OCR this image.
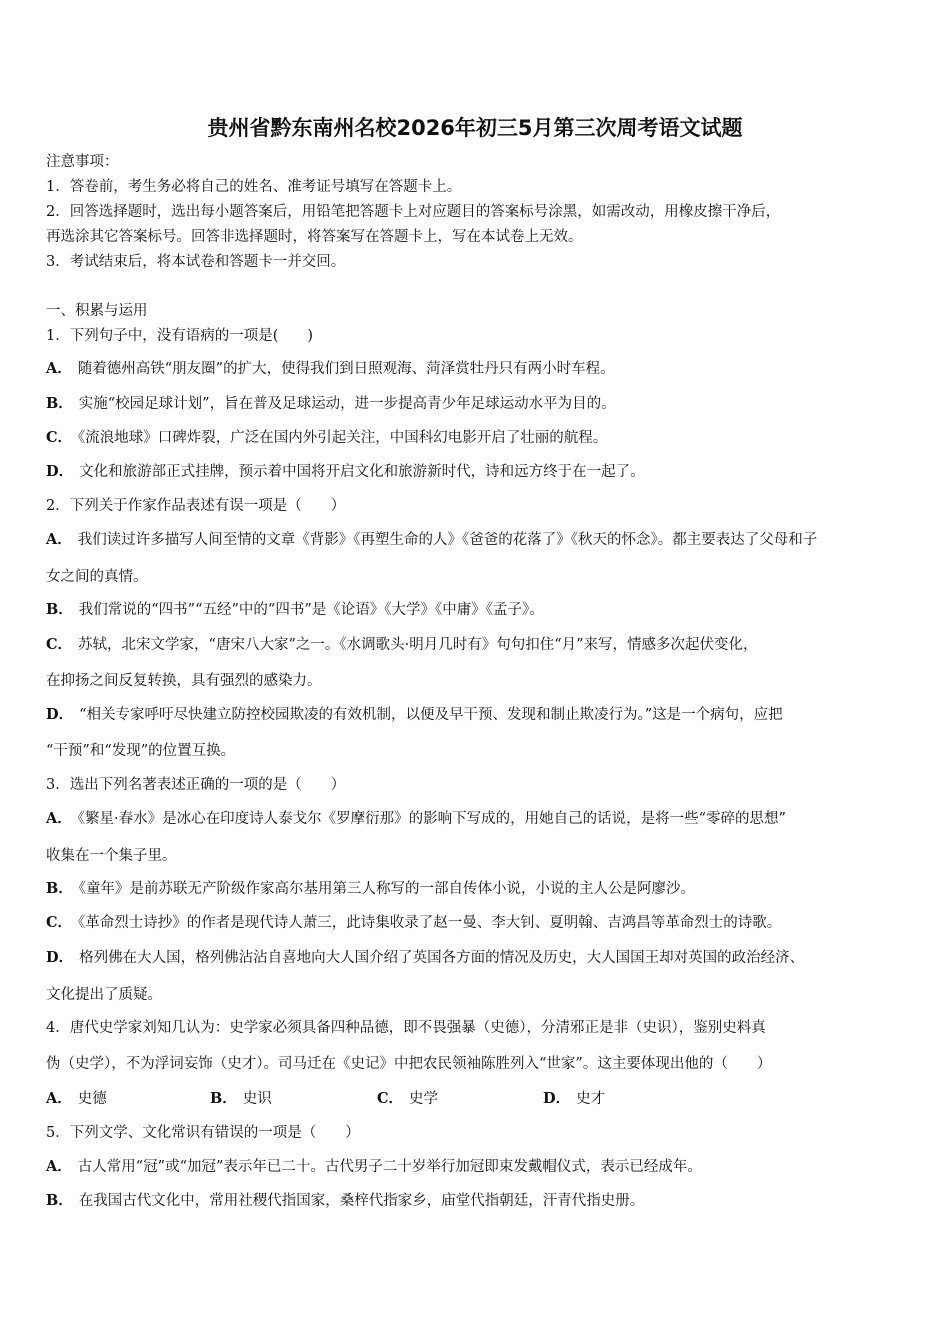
贵州省黔东南州名校2026年初三5月第三次周考语文试题
注意事项：
1．答卷前，考生务必将自己的姓名、准考证号填写在答题卡上。
2．回答选择题时，选出每小题答案后，用铅笔把答题卡上对应题目的答案标号涂黑，如需改动，用橡皮擦干净后，
再选涂其它答案标号。回答非选择题时，将答案写在答题卡上，写在本试卷上无效。
3．考试结束后，将本试卷和答题卡一并交回。
一、积累与运用
1．下列句子中，没有语病的一项是(　　)
A． 随着德州高铁“朋友圈”的扩大，使得我们到日照观海、菏泽赏牡丹只有两小时车程。
B． 实施“校园足球计划”，旨在普及足球运动，进一步提高青少年足球运动水平为目的。
C． 《流浪地球》口碑炸裂，广泛在国内外引起关注，中国科幻电影开启了壮丽的航程。
D． 文化和旅游部正式挂牌，预示着中国将开启文化和旅游新时代，诗和远方终于在一起了。
2．下列关于作家作品表述有误一项是（　　）
A． 我们读过许多描写人间至情的文章《背影》《再塑生命的人》《爸爸的花落了》《秋天的怀念》。都主要表达了父母和子
女之间的真情。
B． 我们常说的“四书”“五经”中的“四书”是《论语》《大学》《中庸》《孟子》。
C． 苏轼，北宋文学家，“唐宋八大家”之一。《水调歌头·明月几时有》句句扣住“月”来写，情感多次起伏变化，
在抑扬之间反复转换，具有强烈的感染力。
D． “相关专家呼吁尽快建立防控校园欺凌的有效机制，以便及早干预、发现和制止欺凌行为。”这是一个病句，应把
“干预”和“发现”的位置互换。
3．选出下列名著表述正确的一项的是（　　）
A． 《繁星·春水》是冰心在印度诗人泰戈尔《罗摩衍那》的影响下写成的，用她自己的话说，是将一些“零碎的思想”
收集在一个集子里。
B． 《童年》是前苏联无产阶级作家高尔基用第三人称写的一部自传体小说，小说的主人公是阿廖沙。
C． 《革命烈士诗抄》的作者是现代诗人萧三，此诗集收录了赵一曼、李大钊、夏明翰、吉鸿昌等革命烈士的诗歌。
D． 格列佛在大人国，格列佛沾沾自喜地向大人国介绍了英国各方面的情况及历史，大人国国王却对英国的政治经济、
文化提出了质疑。
4．唐代史学家刘知几认为：史学家必须具备四种品德，即不畏强暴（史德），分清邪正是非（史识），鉴别史料真
伪（史学），不为浮词妄饰（史才）。司马迁在《史记》中把农民领袖陈胜列入“世家”。这主要体现出他的（　　）
A． 史德	B． 史识	C． 史学	D． 史才
5．下列文学、文化常识有错误的一项是（　　）
A． 古人常用“冠”或“加冠”表示年已二十。古代男子二十岁举行加冠即束发戴帽仪式，表示已经成年。
B． 在我国古代文化中，常用社稷代指国家，桑梓代指家乡，庙堂代指朝廷，汗青代指史册。
